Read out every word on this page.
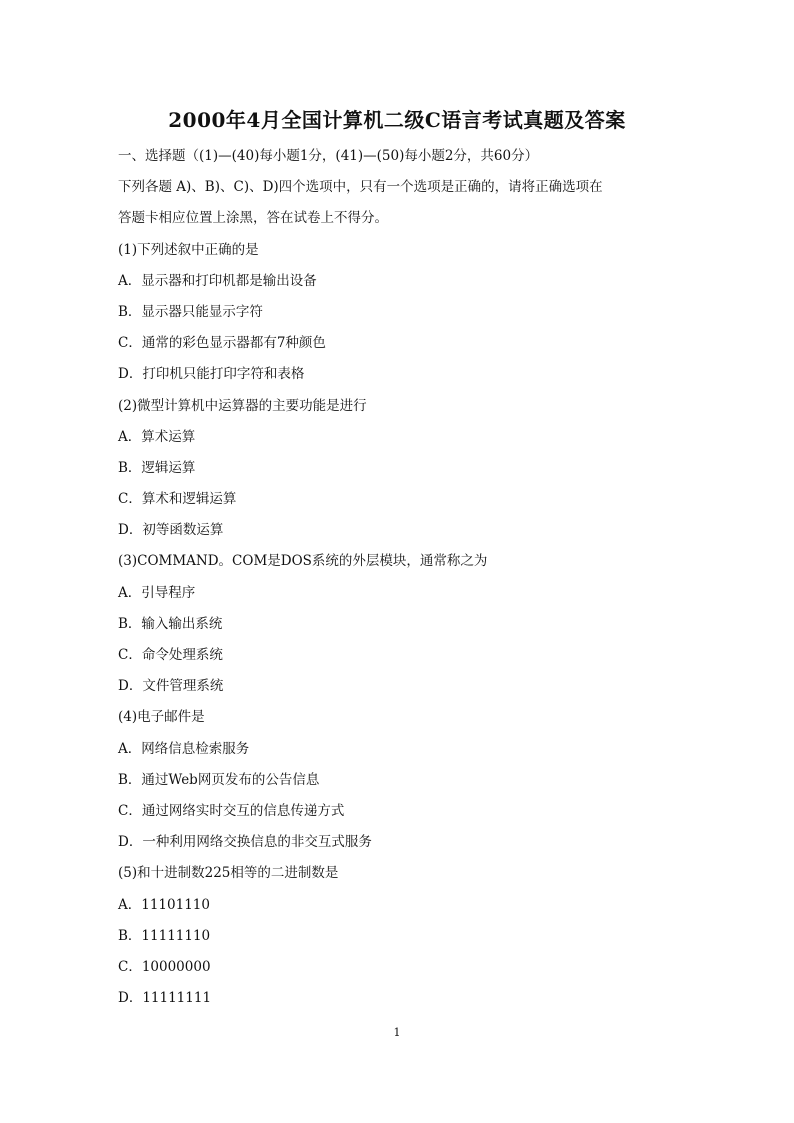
2000年4月全国计算机二级C语言考试真题及答案
一、选择题（(1)—(40)每小题1分，(41)—(50)每小题2分，共60分）
下列各题 A)、B)、C)、D)四个选项中，只有一个选项是正确的，请将正确选项在
答题卡相应位置上涂黑，答在试卷上不得分。
(1)下列述叙中正确的是
A．显示器和打印机都是输出设备
B．显示器只能显示字符
C．通常的彩色显示器都有7种颜色
D．打印机只能打印字符和表格
(2)微型计算机中运算器的主要功能是进行
A．算术运算
B．逻辑运算
C．算术和逻辑运算
D．初等函数运算
(3)COMMAND。COM是DOS系统的外层模块，通常称之为
A．引导程序
B．输入输出系统
C．命令处理系统
D．文件管理系统
(4)电子邮件是
A．网络信息检索服务
B．通过Web网页发布的公告信息
C．通过网络实时交互的信息传递方式
D．一种利用网络交换信息的非交互式服务
(5)和十进制数225相等的二进制数是
A．11101110
B．11111110
C．10000000
D．11111111
1
